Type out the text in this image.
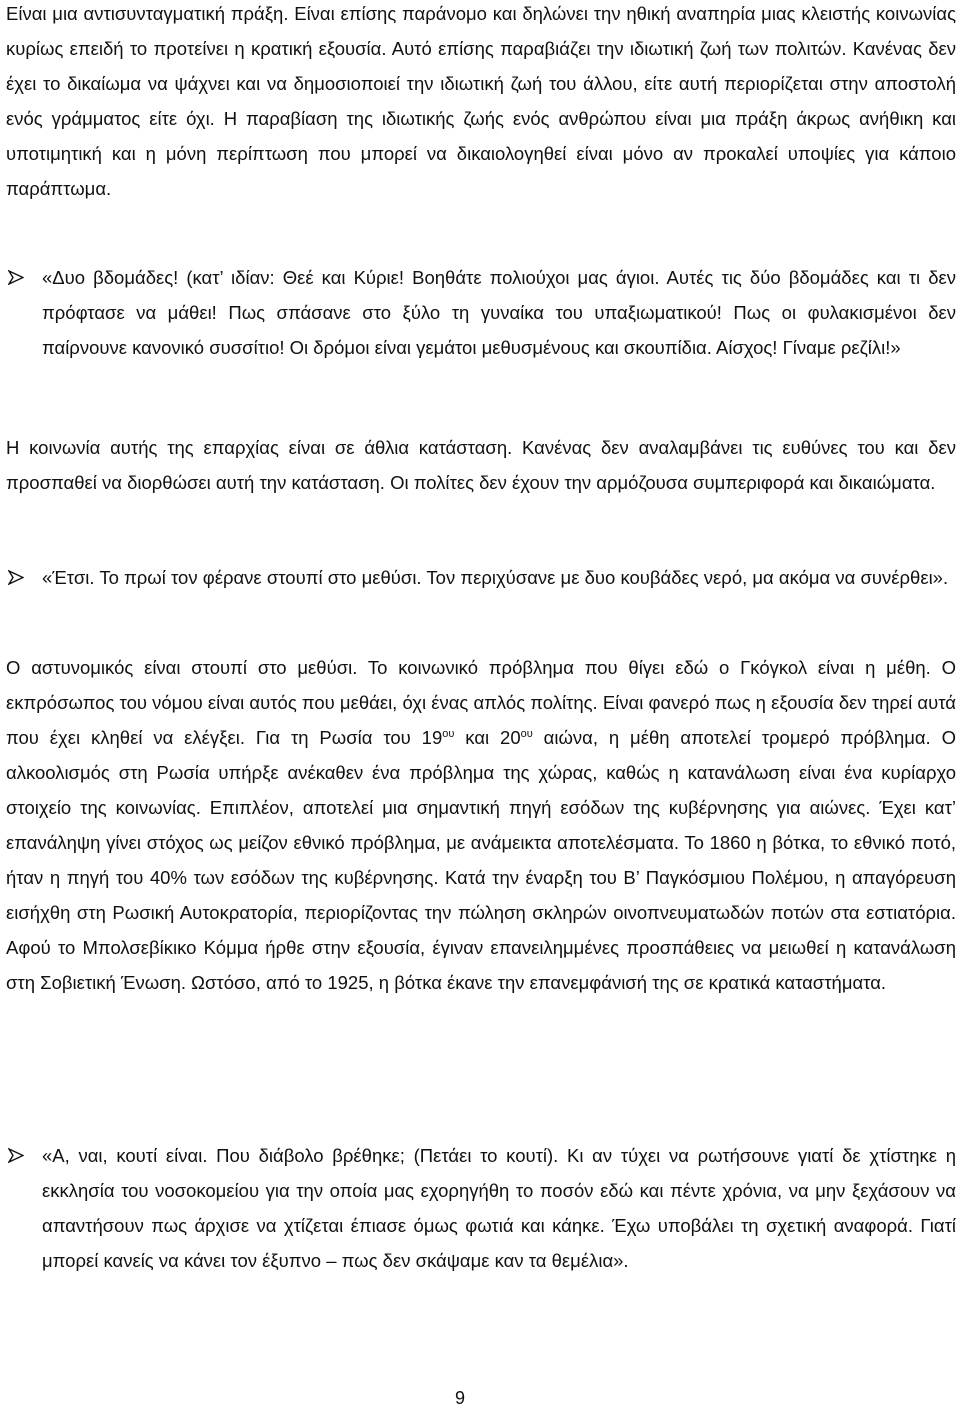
Είναι μια αντισυνταγματική πράξη. Είναι επίσης παράνομο και δηλώνει την ηθική αναπηρία μιας κλειστής κοινωνίας κυρίως επειδή το προτείνει η κρατική εξουσία. Αυτό επίσης παραβιάζει την ιδιωτική ζωή των πολιτών. Κανένας δεν έχει το δικαίωμα να ψάχνει και να δημοσιοποιεί την ιδιωτική ζωή του άλλου, είτε αυτή περιορίζεται στην αποστολή ενός γράμματος είτε όχι. Η παραβίαση της ιδιωτικής ζωής ενός ανθρώπου είναι μια πράξη άκρως ανήθικη και υποτιμητική και η μόνη περίπτωση που μπορεί να δικαιολογηθεί είναι μόνο αν προκαλεί υποψίες για κάποιο παράπτωμα.

«Δυο βδομάδες! (κατ’ ιδίαν: Θεέ και Κύριε! Βοηθάτε πολιούχοι μας άγιοι. Αυτές τις δύο βδομάδες και τι δεν πρόφτασε να μάθει! Πως σπάσανε στο ξύλο τη γυναίκα του υπαξιωματικού! Πως οι φυλακισμένοι δεν παίρνουνε κανονικό συσσίτιο! Οι δρόμοι είναι γεμάτοι μεθυσμένους και σκουπίδια. Αίσχος! Γίναμε ρεζίλι!»

Η κοινωνία αυτής της επαρχίας είναι σε άθλια κατάσταση. Κανένας δεν αναλαμβάνει τις ευθύνες του και δεν προσπαθεί να διορθώσει αυτή την κατάσταση. Οι πολίτες δεν έχουν την αρμόζουσα συμπεριφορά και δικαιώματα.

«Έτσι. Το πρωί τον φέρανε στουπί στο μεθύσι. Τον περιχύσανε με δυο κουβάδες νερό, μα ακόμα να συνέρθει».

Ο αστυνομικός είναι στουπί στο μεθύσι. Το κοινωνικό πρόβλημα που θίγει εδώ ο Γκόγκολ είναι η μέθη. Ο εκπρόσωπος του νόμου είναι αυτός που μεθάει, όχι ένας απλός πολίτης. Είναι φανερό πως η εξουσία δεν τηρεί αυτά που έχει κληθεί να ελέγξει. Για τη Ρωσία του $19^{o\upsilon}$ και $20^{o\upsilon}$ αιώνα, η μέθη αποτελεί τρομερό πρόβλημα. Ο αλκοολισμός στη Ρωσία υπήρξε ανέκαθεν ένα πρόβλημα της χώρας, καθώς η κατανάλωση είναι ένα κυρίαρχο στοιχείο της κοινωνίας. Επιπλέον, αποτελεί μια σημαντική πηγή εσόδων της κυβέρνησης για αιώνες. Έχει κατ’ επανάληψη γίνει στόχος ως μείζον εθνικό πρόβλημα, με ανάμεικτα αποτελέσματα. Το 1860 η βότκα, το εθνικό ποτό, ήταν η πηγή του 40% των εσόδων της κυβέρνησης. Κατά την έναρξη του Β’ Παγκόσμιου Πολέμου, η απαγόρευση εισήχθη στη Ρωσική Αυτοκρατορία, περιορίζοντας την πώληση σκληρών οινοπνευματωδών ποτών στα εστιατόρια. Αφού το Μπολσεβίκικο Κόμμα ήρθε στην εξουσία, έγιναν επανειλημμένες προσπάθειες να μειωθεί η κατανάλωση στη Σοβιετική Ένωση. Ωστόσο, από το 1925, η βότκα έκανε την επανεμφάνισή της σε κρατικά καταστήματα.

«Α, ναι, κουτί είναι. Που διάβολο βρέθηκε; (Πετάει το κουτί). Κι αν τύχει να ρωτήσουνε γιατί δε χτίστηκε η εκκλησία του νοσοκομείου για την οποία μας εχορηγήθη το ποσόν εδώ και πέντε χρόνια, να μην ξεχάσουν να απαντήσουν πως άρχισε να χτίζεται έπιασε όμως φωτιά και κάηκε. Έχω υποβάλει τη σχετική αναφορά. Γιατί μπορεί κανείς να κάνει τον έξυπνο – πως δεν σκάψαμε καν τα θεμέλια».

9
